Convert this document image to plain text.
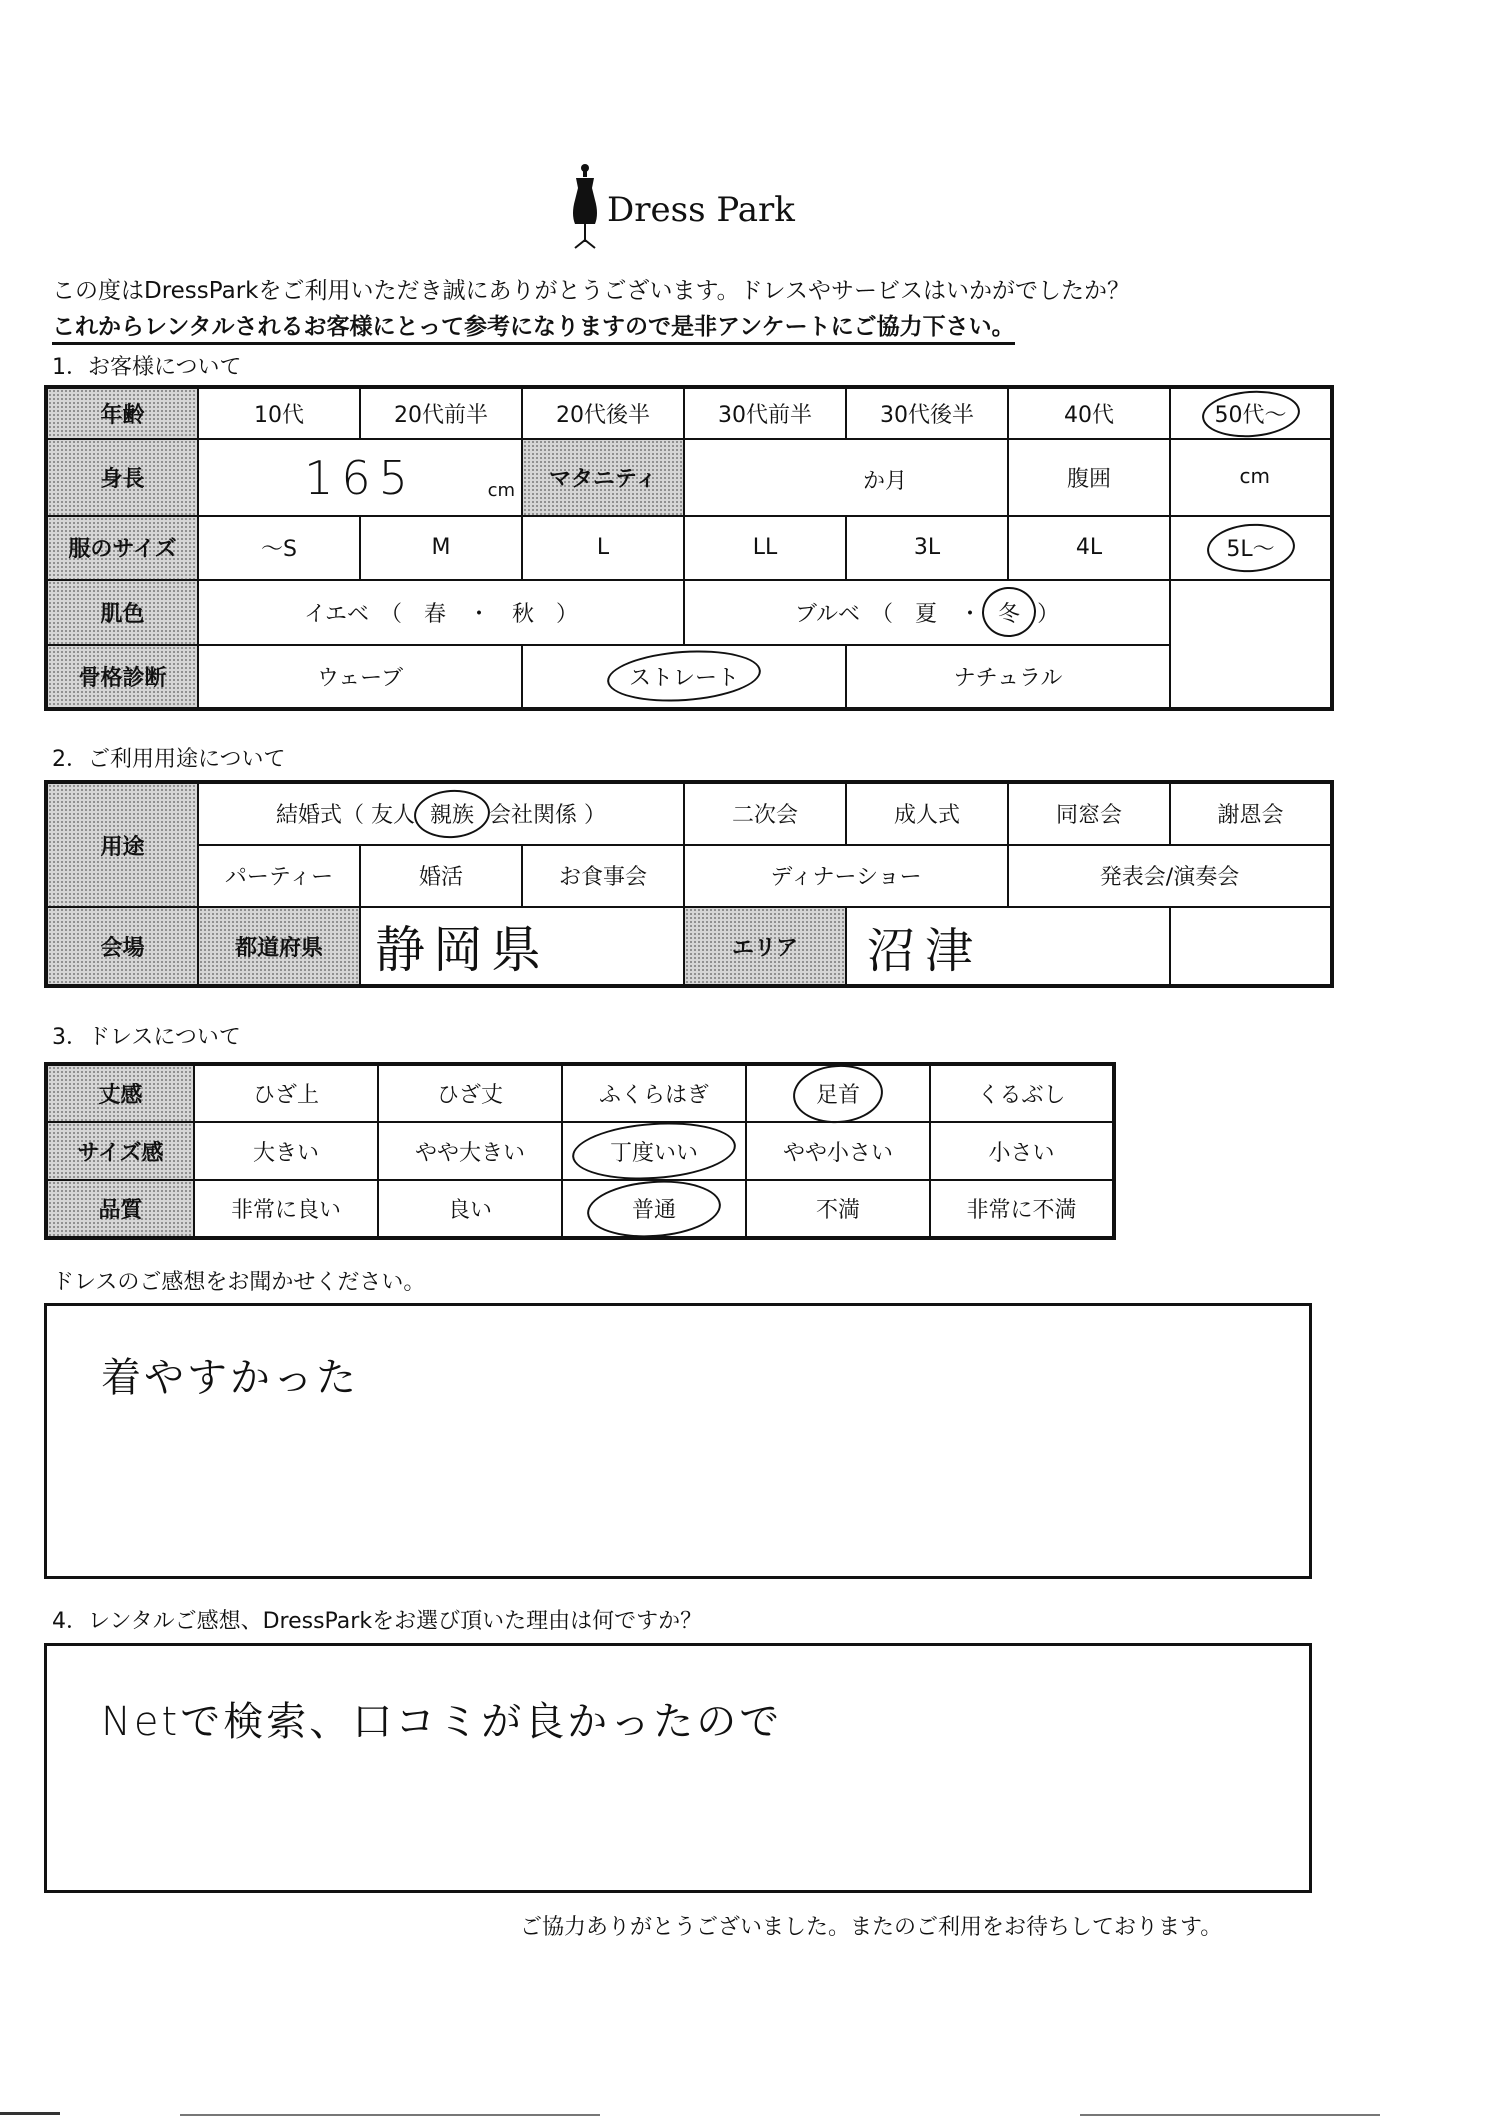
Dress Park
この度はDressParkをご利用いただき誠にありがとうございます。ドレスやサービスはいかがでしたか？
これからレンタルされるお客様にとって参考になりますので是非アンケートにご協力下さい。
1．お客様について
年齢	10代	20代前半	20代後半	30代前半	30代後半	40代	50代〜

身長	165 cm		マタニティ	か月		腹囲	cm

服のサイズ	〜S	M	L	LL	3L	4L	5L〜

肌色	イエベ　（　春　・　秋　）			ブルベ　（　夏　・ 冬 ）			
骨格診断	ウェーブ		ストレート		ナチュラル		
2．ご利用用途について
用途	結婚式（ 友人 親族 会社関係 ）			二次会	成人式	同窓会	謝恩会
	パーティー	婚活	お食事会	ディナーショー		発表会/演奏会	
会場	都道府県	静岡県		エリア	沼津		
3．ドレスについて
丈感	ひざ上	ひざ丈	ふくらはぎ	足首	くるぶし
サイズ感	大きい	やや大きい	丁度いい	やや小さい	小さい
品質	非常に良い	良い	普通	不満	非常に不満
ドレスのご感想をお聞かせください。
着やすかった
4．レンタルご感想、DressParkをお選び頂いた理由は何ですか？
Netで検索、口コミが良かったので
ご協力ありがとうございました。またのご利用をお待ちしております。
